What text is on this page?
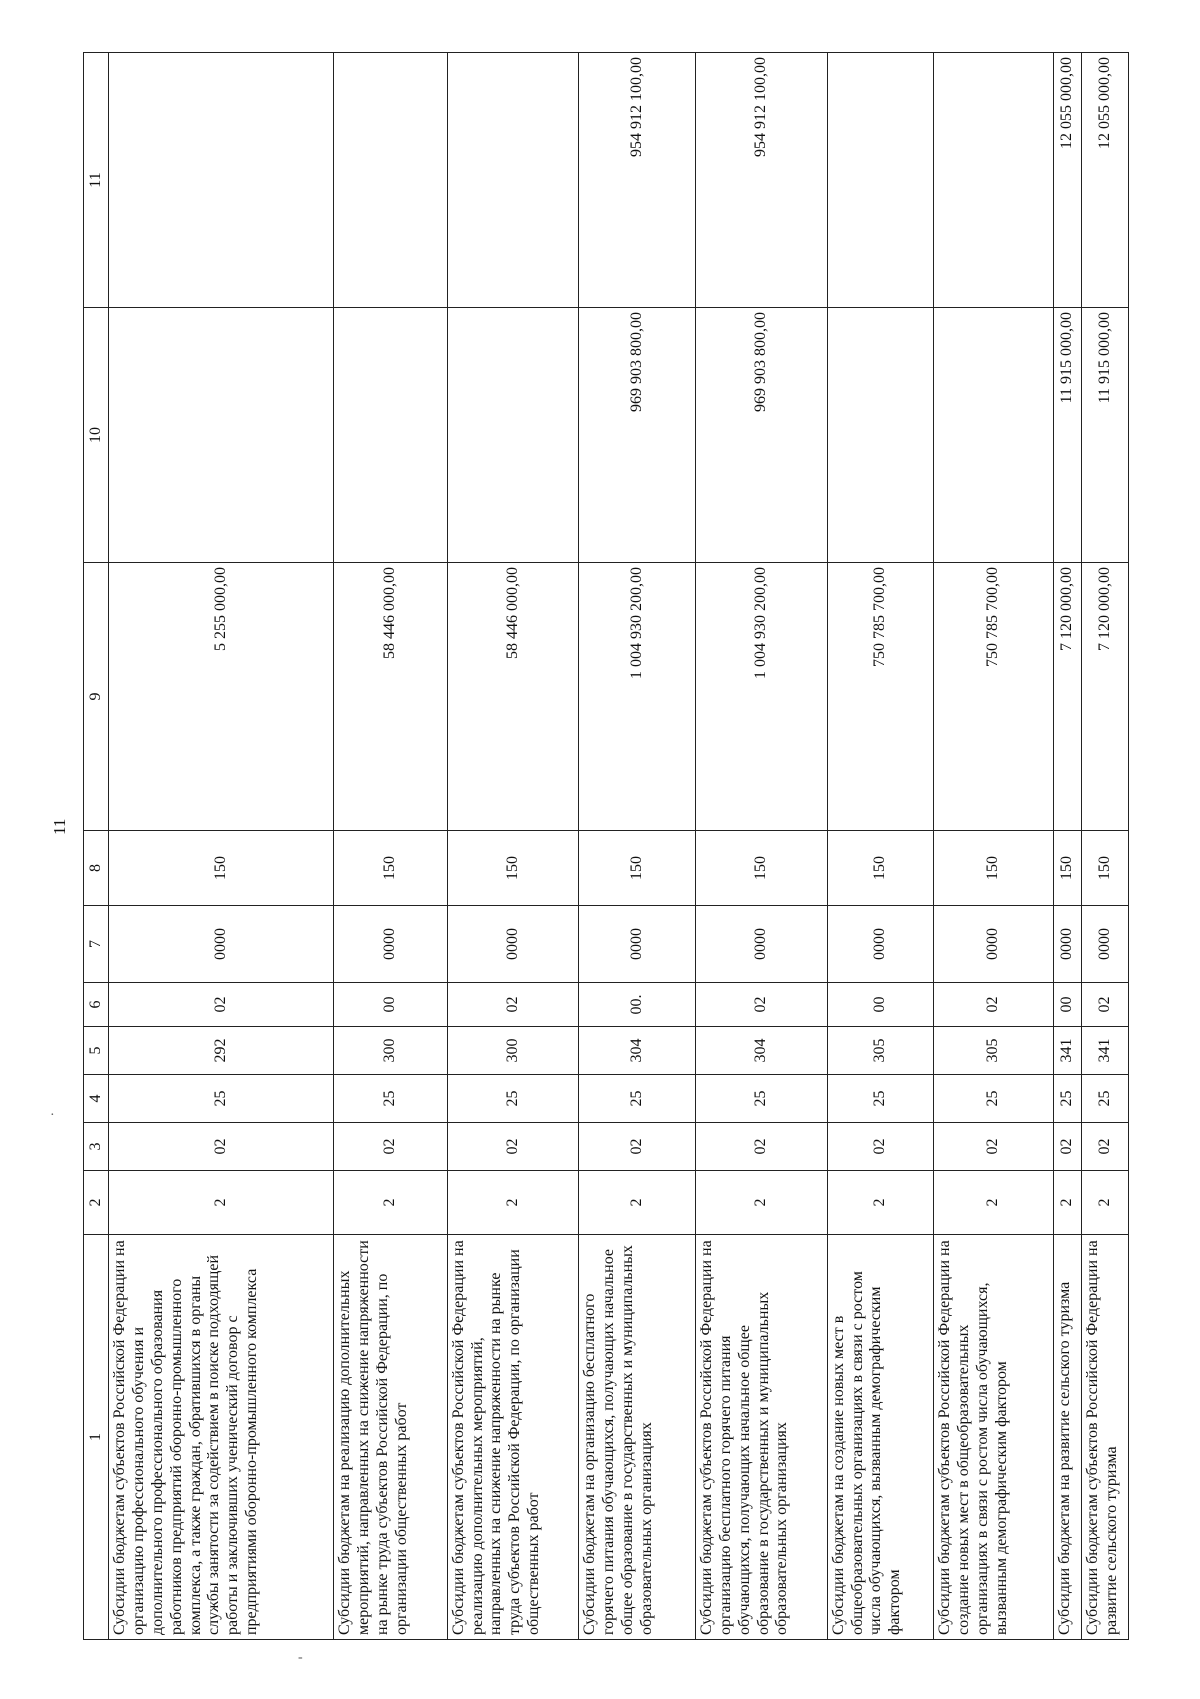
11
·
-
1	2	3	4	5	6	7	8	9	10	11
Субсидии бюджетам субъектов Российской Федерации на организацию профессионального обучения и дополнительного профессионального образования работников предприятий оборонно-промышленного комплекса, а также граждан, обратившихся в органы службы занятости за содействием в поиске подходящей работы и заключивших ученический договор с предприятиями оборонно-промышленного комплекса	2	02	25	292	02	0000	150	5 255 000,00		
Субсидии бюджетам на реализацию дополнительных мероприятий, направленных на снижение напряженности на рынке труда субъектов Российской Федерации, по организации общественных работ	2	02	25	300	00	0000	150	58 446 000,00		
Субсидии бюджетам субъектов Российской Федерации на реализацию дополнительных мероприятий, направленных на снижение напряженности на рынке труда субъектов Российской Федерации, по организации общественных работ	2	02	25	300	02	0000	150	58 446 000,00		
Субсидии бюджетам на организацию бесплатного горячего питания обучающихся, получающих начальное общее образование в государственных и муниципальных образовательных организациях	2	02	25	304	00.	0000	150	1 004 930 200,00	969 903 800,00	954 912 100,00
Субсидии бюджетам субъектов Российской Федерации на организацию бесплатного горячего питания обучающихся, получающих начальное общее образование в государственных и муниципальных образовательных организациях	2	02	25	304	02	0000	150	1 004 930 200,00	969 903 800,00	954 912 100,00
Субсидии бюджетам на создание новых мест в общеобразовательных организациях в связи с ростом числа обучающихся, вызванным демографическим фактором	2	02	25	305	00	0000	150	750 785 700,00		
Субсидии бюджетам субъектов Российской Федерации на создание новых мест в общеобразовательных организациях в связи с ростом числа обучающихся, вызванным демографическим фактором	2	02	25	305	02	0000	150	750 785 700,00		
Субсидии бюджетам на развитие сельского туризма	2	02	25	341	00	0000	150	7 120 000,00	11 915 000,00	12 055 000,00
Субсидии бюджетам субъектов Российской Федерации на развитие сельского туризма	2	02	25	341	02	0000	150	7 120 000,00	11 915 000,00	12 055 000,00
